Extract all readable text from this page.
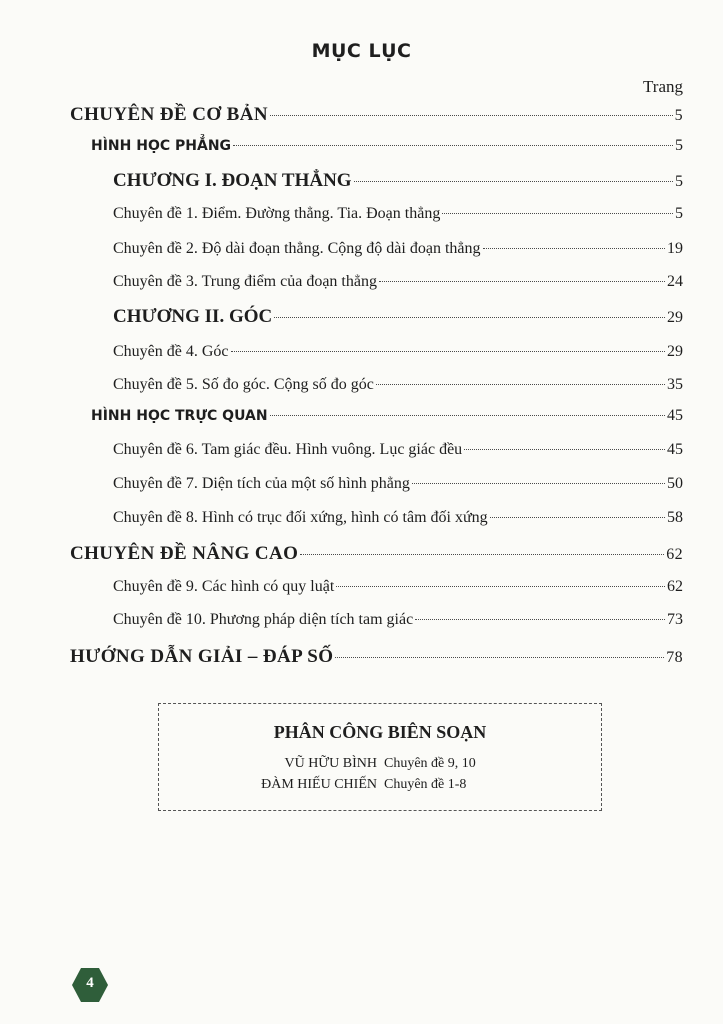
MỤC LỤC
Trang
CHUYÊN ĐỀ CƠ BẢN	5
HÌNH HỌC PHẲNG	5
CHƯƠNG I. ĐOẠN THẲNG	5
Chuyên đề 1. Điểm. Đường thẳng. Tia. Đoạn thẳng	5
Chuyên đề 2. Độ dài đoạn thẳng. Cộng độ dài đoạn thẳng	19
Chuyên đề 3. Trung điểm của đoạn thẳng	24
CHƯƠNG II. GÓC	29
Chuyên đề 4. Góc	29
Chuyên đề 5. Số đo góc. Cộng số đo góc	35
HÌNH HỌC TRỰC QUAN	45
Chuyên đề 6. Tam giác đều. Hình vuông. Lục giác đều	45
Chuyên đề 7. Diện tích của một số hình phẳng	50
Chuyên đề 8. Hình có trục đối xứng, hình có tâm đối xứng	58
CHUYÊN ĐỀ NÂNG CAO	62
Chuyên đề 9. Các hình có quy luật	62
Chuyên đề 10. Phương pháp diện tích tam giác	73
HƯỚNG DẪN GIẢI – ĐÁP SỐ	78
PHÂN CÔNG BIÊN SOẠN
VŨ HỮU BÌNH Chuyên đề 9, 10
ĐÀM HIẾU CHIẾN Chuyên đề 1-8
4
